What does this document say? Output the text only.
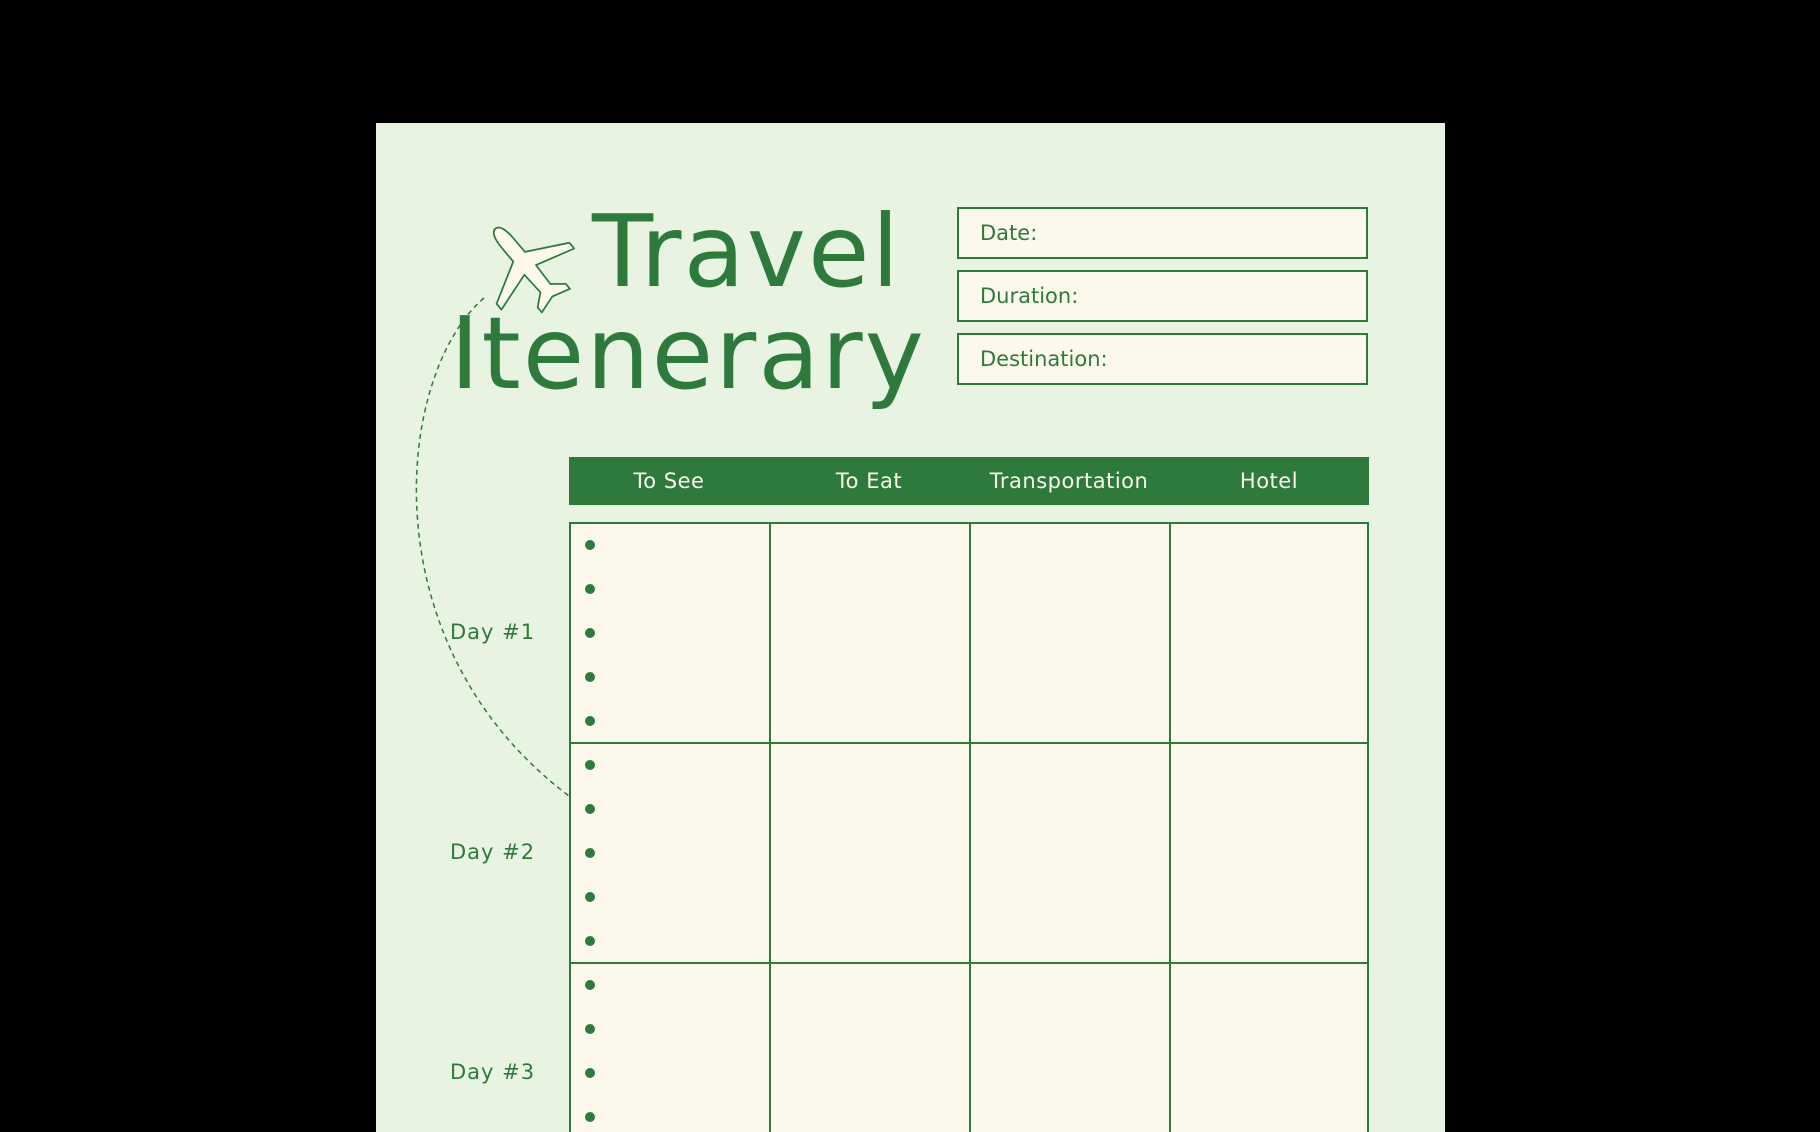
Travel
Itenerary
Date:
Duration:
Destination:
To See	To Eat	Transportation	Hotel
Day #1
Day #2
Day #3
